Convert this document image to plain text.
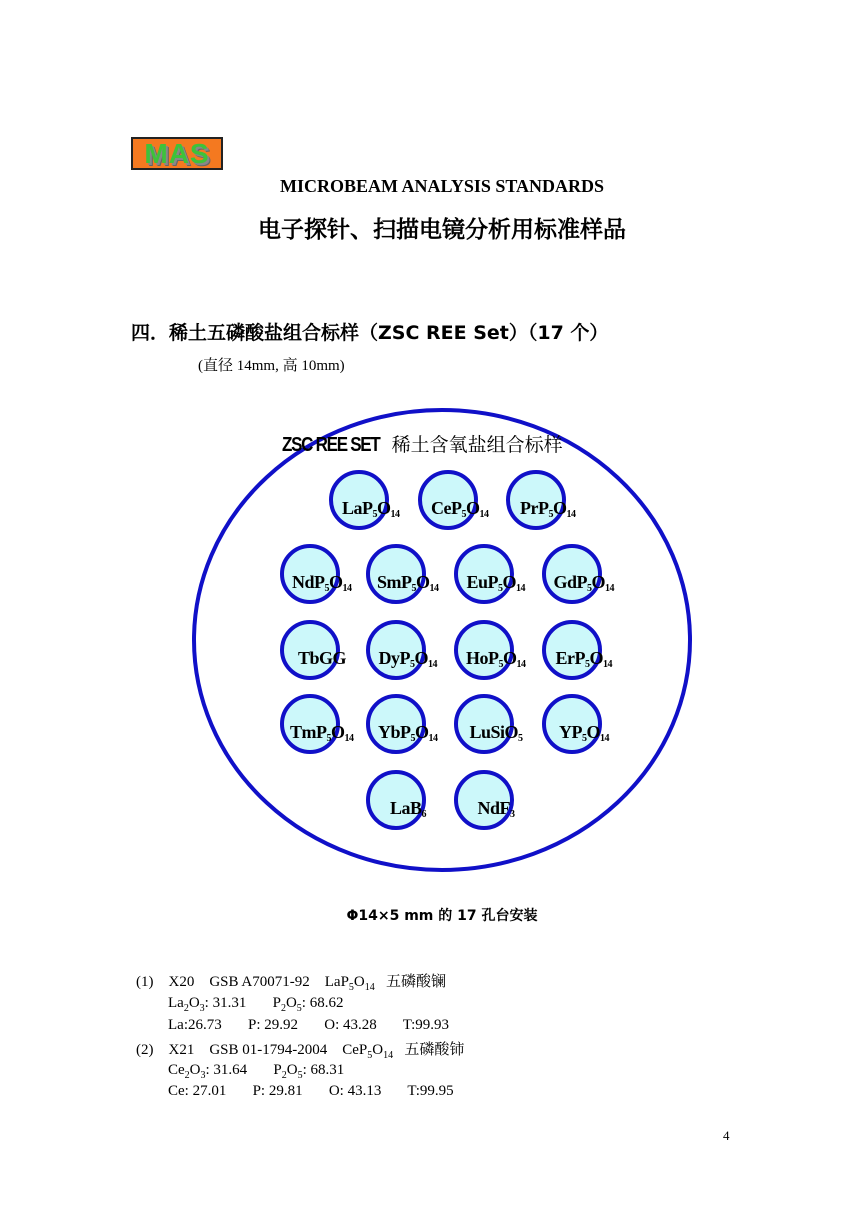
MAS
MICROBEAM ANALYSIS STANDARDS
电子探针、扫描电镜分析用标准样品
四．稀土五磷酸盐组合标样（ZSC REE Set）（17 个）
(直径 14mm, 高 10mm)
ZSC REE SET 稀土含氧盐组合标样
$LaP_5O_{14}$ $CeP_5O_{14}$ $PrP_5O_{14}$
$NdP_5O_{14}$ $SmP_5O_{14}$ $EuP_5O_{14}$ $GdP_5O_{14}$
TbGG $DyP_5O_{14}$ $HoP_5O_{14}$ $ErP_5O_{14}$
$TmP_5O_{14}$ $YbP_5O_{14}$ LuSiO$_5$ $YP_5O_{14}$
LaB$_6$	NdF$_3$
Φ14×5 mm 的 17 孔台安装
(1)    X20    GSB A70071-92    $LaP_5O_{14}$   五磷酸镧
$La_2O_3$: 31.31       $P_2O_5$: 68.62
La:26.73       P: 29.92       O: 43.28       T:99.93
(2)    X21    GSB 01-1794-2004    $CeP_5O_{14}$   五磷酸铈
$Ce_2O_3$: 31.64       $P_2O_5$: 68.31
Ce: 27.01       P: 29.81       O: 43.13       T:99.95
4
